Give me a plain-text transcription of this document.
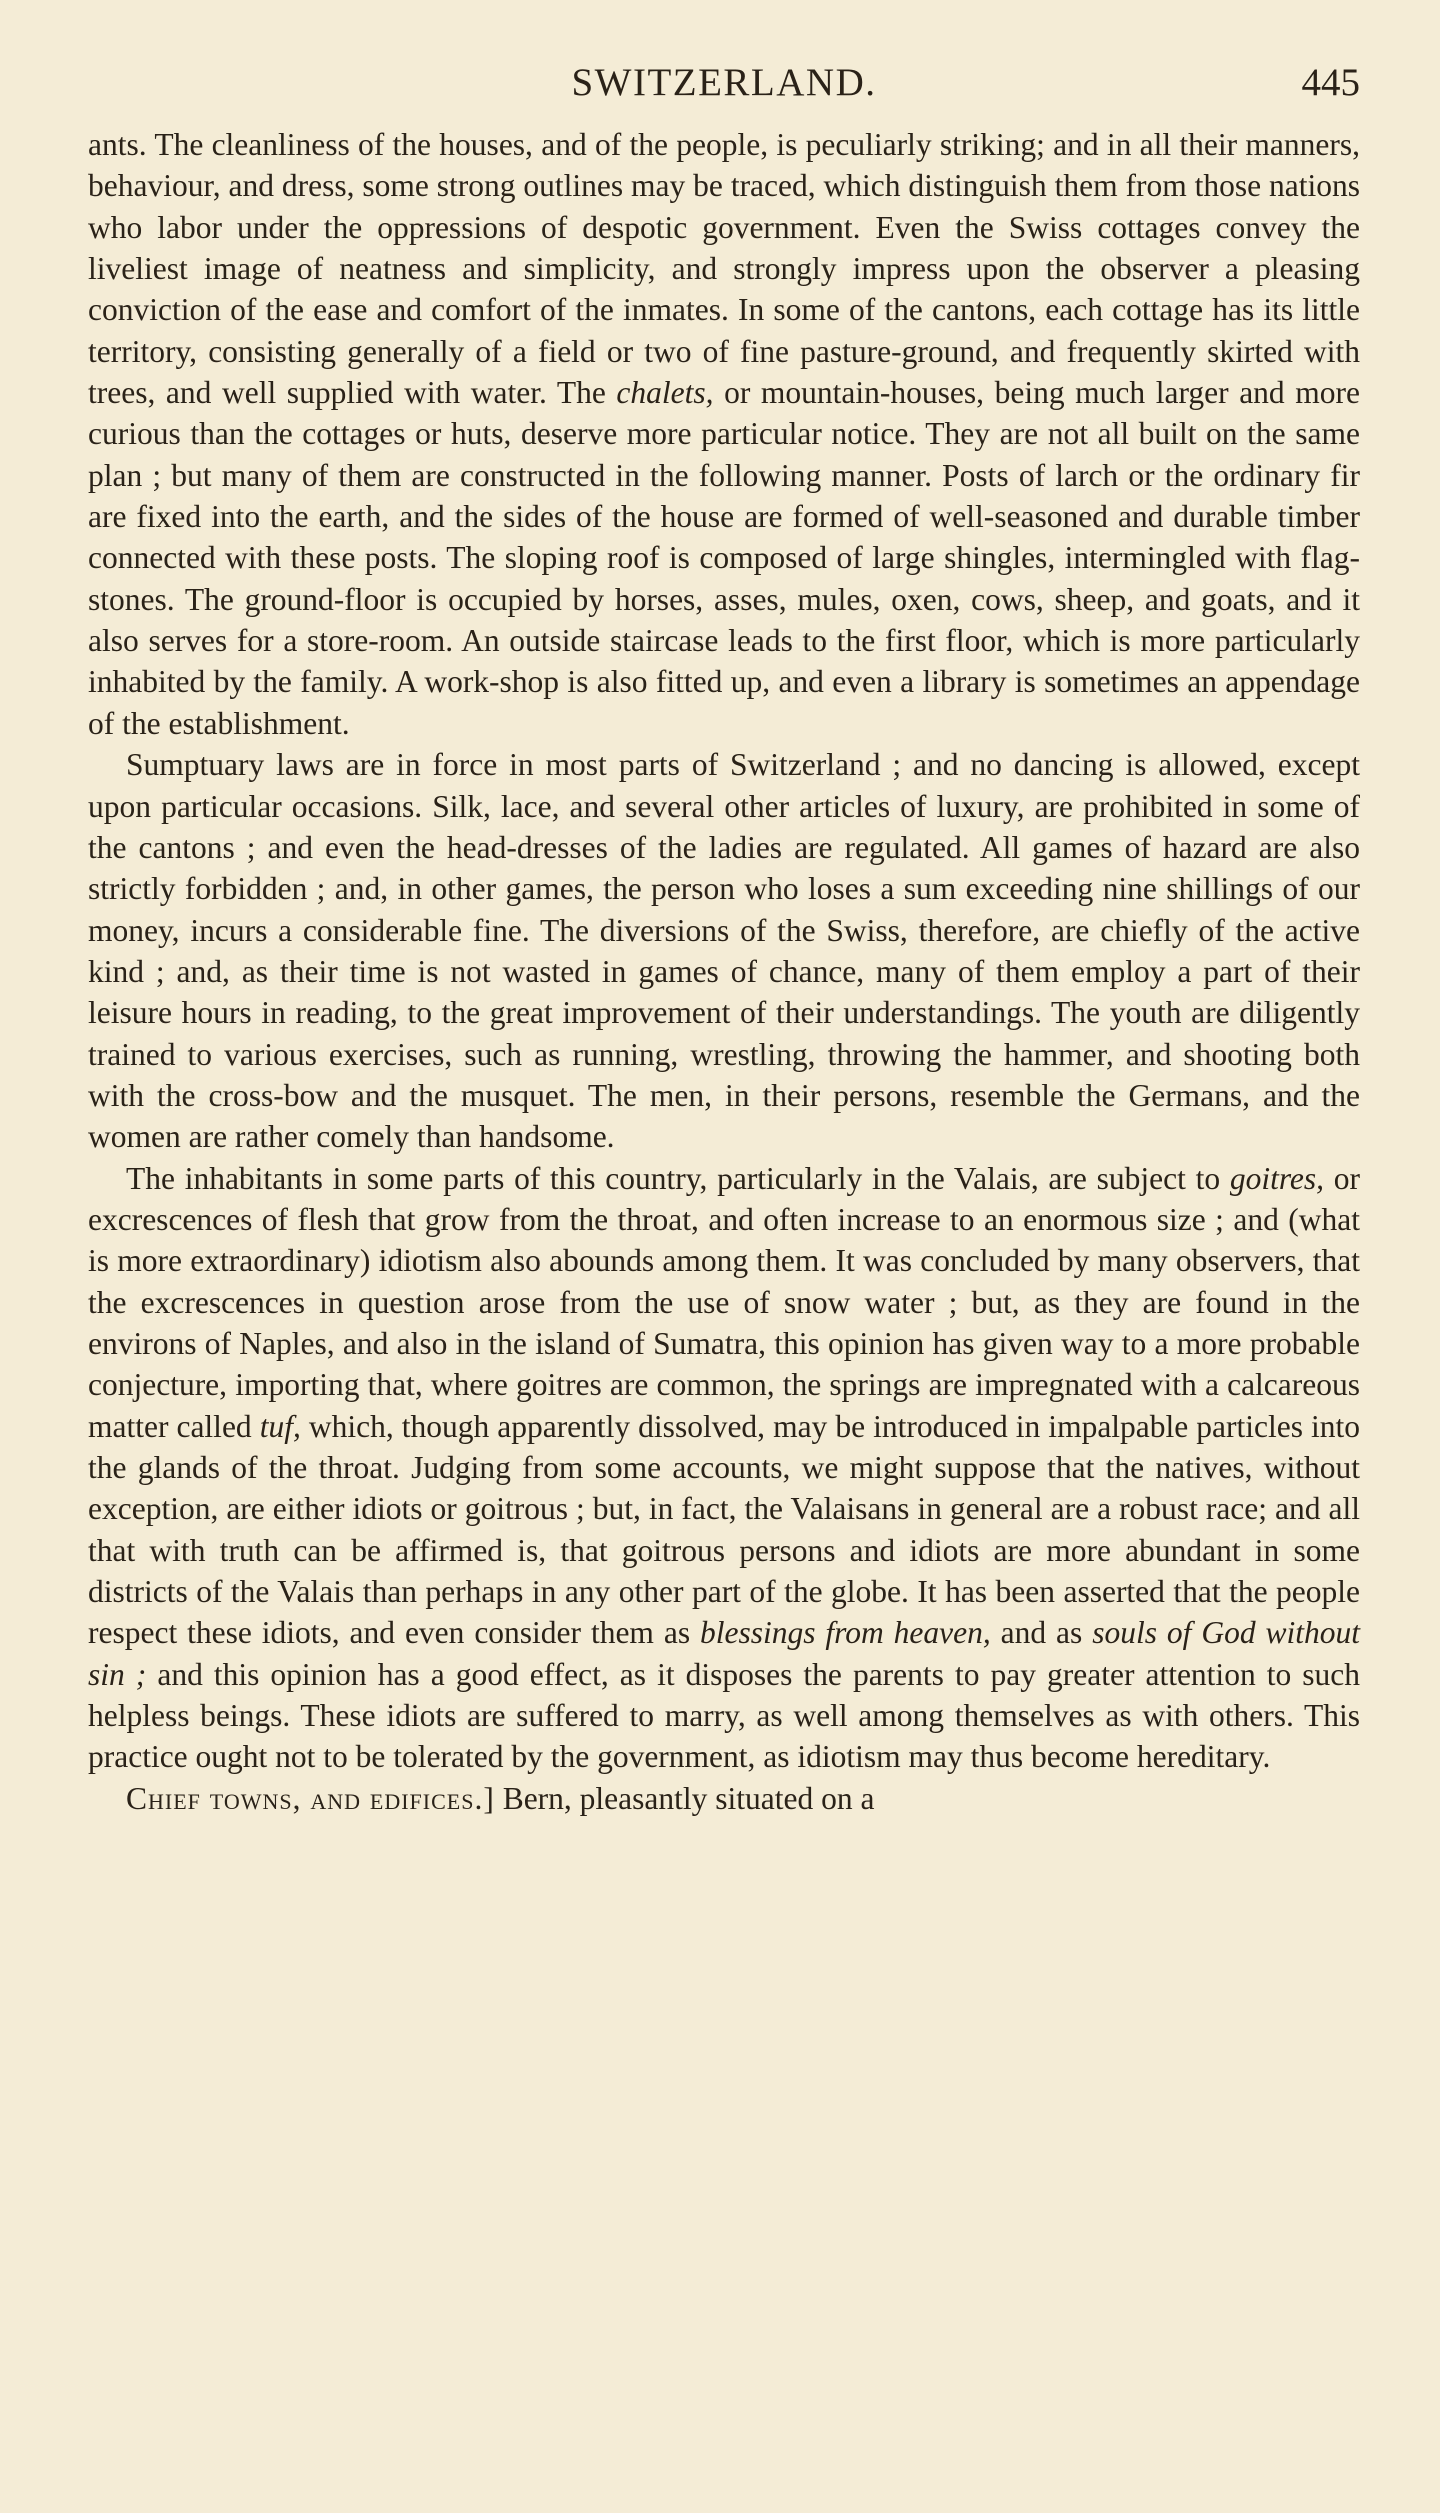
SWITZERLAND.	445

ants. The cleanliness of the houses, and of the people, is peculiarly striking; and in all their manners, behaviour, and dress, some strong outlines may be traced, which distinguish them from those nations who labor under the oppressions of despotic government. Even the Swiss cottages convey the liveliest image of neatness and simplicity, and strongly impress upon the observer a pleasing conviction of the ease and comfort of the inmates. In some of the cantons, each cottage has its little territory, consisting generally of a field or two of fine pasture-ground, and frequently skirted with trees, and well supplied with water. The chalets, or mountain-houses, being much larger and more curious than the cottages or huts, deserve more particular notice. They are not all built on the same plan ; but many of them are constructed in the following manner. Posts of larch or the ordinary fir are fixed into the earth, and the sides of the house are formed of well-seasoned and durable timber connected with these posts. The sloping roof is composed of large shingles, intermingled with flag-stones. The ground-floor is occupied by horses, asses, mules, oxen, cows, sheep, and goats, and it also serves for a store-room. An outside staircase leads to the first floor, which is more particularly inhabited by the family. A work-shop is also fitted up, and even a library is sometimes an appendage of the establishment.

Sumptuary laws are in force in most parts of Switzerland ; and no dancing is allowed, except upon particular occasions. Silk, lace, and several other articles of luxury, are prohibited in some of the cantons ; and even the head-dresses of the ladies are regulated. All games of hazard are also strictly forbidden ; and, in other games, the person who loses a sum exceeding nine shillings of our money, incurs a considerable fine. The diversions of the Swiss, therefore, are chiefly of the active kind ; and, as their time is not wasted in games of chance, many of them employ a part of their leisure hours in reading, to the great improvement of their understandings. The youth are diligently trained to various exercises, such as running, wrestling, throwing the hammer, and shooting both with the cross-bow and the musquet. The men, in their persons, resemble the Germans, and the women are rather comely than handsome.

The inhabitants in some parts of this country, particularly in the Valais, are subject to goitres, or excrescences of flesh that grow from the throat, and often increase to an enormous size ; and (what is more extraordinary) idiotism also abounds among them. It was concluded by many observers, that the excrescences in question arose from the use of snow water ; but, as they are found in the environs of Naples, and also in the island of Sumatra, this opinion has given way to a more probable conjecture, importing that, where goitres are common, the springs are impregnated with a calcareous matter called tuf, which, though apparently dissolved, may be introduced in impalpable particles into the glands of the throat. Judging from some accounts, we might suppose that the natives, without exception, are either idiots or goitrous ; but, in fact, the Valaisans in general are a robust race; and all that with truth can be affirmed is, that goitrous persons and idiots are more abundant in some districts of the Valais than perhaps in any other part of the globe. It has been asserted that the people respect these idiots, and even consider them as blessings from heaven, and as souls of God without sin ; and this opinion has a good effect, as it disposes the parents to pay greater attention to such helpless beings. These idiots are suffered to marry, as well among themselves as with others. This practice ought not to be tolerated by the government, as idiotism may thus become hereditary.

Chief towns, and edifices.] Bern, pleasantly situated on a
